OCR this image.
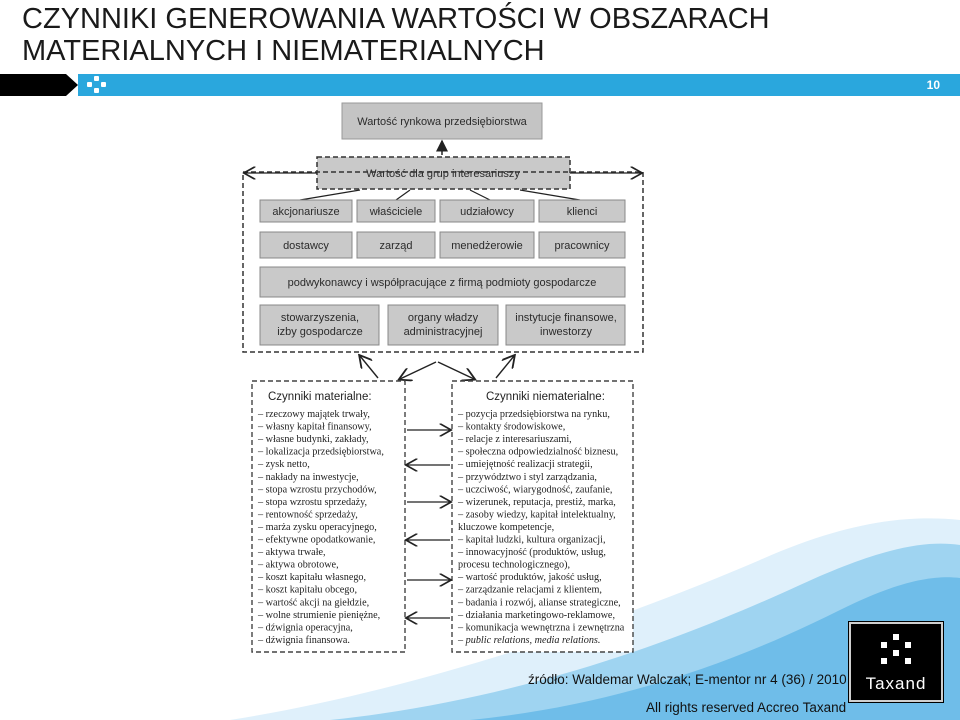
CZYNNIKI GENEROWANIA WARTOŚCI W OBSZARACH
MATERIALNYCH I NIEMATERIALNYCH
10
Wartość rynkowa przedsiębiorstwa
Wartość dla grup interesariuszy
akcjonariusze	właściciele	udziałowcy	klienci
dostawcy	zarząd	menedżerowie	pracownicy
podwykonawcy i współpracujące z firmą podmioty gospodarcze
stowarzyszenia,
izby gospodarcze
organy władzy
administracyjnej
instytucje finansowe,
inwestorzy
Czynniki materialne:
– rzeczowy majątek trwały,
– własny kapitał finansowy,
– własne budynki, zakłady,
– lokalizacja przedsiębiorstwa,
– zysk netto,
– nakłady na inwestycje,
– stopa wzrostu przychodów,
– stopa wzrostu sprzedaży,
– rentowność sprzedaży,
– marża zysku operacyjnego,
– efektywne opodatkowanie,
– aktywa trwałe,
– aktywa obrotowe,
– koszt kapitału własnego,
– koszt kapitału obcego,
– wartość akcji na giełdzie,
– wolne strumienie pieniężne,
– dźwignia operacyjna,
– dźwignia finansowa.
Czynniki niematerialne:
– pozycja przedsiębiorstwa na rynku,
– kontakty środowiskowe,
– relacje z interesariuszami,
– społeczna odpowiedzialność biznesu,
– umiejętność realizacji strategii,
– przywództwo i styl zarządzania,
– uczciwość, wiarygodność, zaufanie,
– wizerunek, reputacja, prestiż, marka,
– zasoby wiedzy, kapitał intelektualny,
kluczowe kompetencje,
– kapitał ludzki, kultura organizacji,
– innowacyjność (produktów, usług,
procesu technologicznego),
– wartość produktów, jakość usług,
– zarządzanie relacjami z klientem,
– badania i rozwój, alianse strategiczne,
– działania marketingowo-reklamowe,
– komunikacja wewnętrzna i zewnętrzna
– public relations, media relations.
źródło: Waldemar Walczak; E-mentor nr 4 (36) / 2010
All rights reserved Accreo Taxand
Taxand
